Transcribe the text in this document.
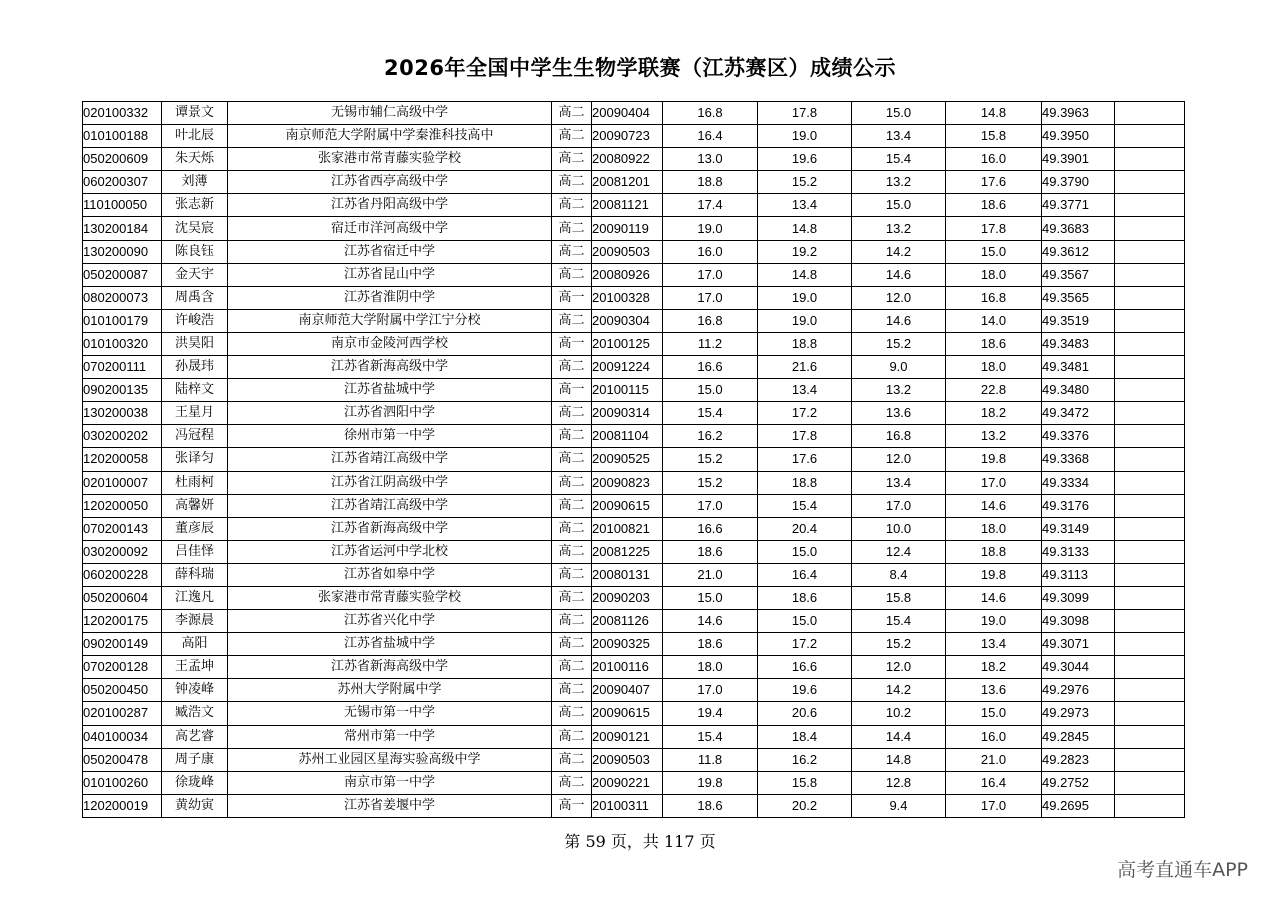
2026年全国中学生生物学联赛（江苏赛区）成绩公示
020100332	谭景文	无锡市辅仁高级中学	高二	20090404	16.8	17.8	15.0	14.8	49.3963	
010100188	叶北辰	南京师范大学附属中学秦淮科技高中	高二	20090723	16.4	19.0	13.4	15.8	49.3950	
050200609	朱天烁	张家港市常青藤实验学校	高二	20080922	13.0	19.6	15.4	16.0	49.3901	
060200307	刘薄	江苏省西亭高级中学	高二	20081201	18.8	15.2	13.2	17.6	49.3790	
110100050	张志新	江苏省丹阳高级中学	高二	20081121	17.4	13.4	15.0	18.6	49.3771	
130200184	沈吴宸	宿迁市洋河高级中学	高二	20090119	19.0	14.8	13.2	17.8	49.3683	
130200090	陈良钰	江苏省宿迁中学	高二	20090503	16.0	19.2	14.2	15.0	49.3612	
050200087	金天宇	江苏省昆山中学	高二	20080926	17.0	14.8	14.6	18.0	49.3567	
080200073	周禹含	江苏省淮阴中学	高一	20100328	17.0	19.0	12.0	16.8	49.3565	
010100179	许峻浩	南京师范大学附属中学江宁分校	高二	20090304	16.8	19.0	14.6	14.0	49.3519	
010100320	洪昊阳	南京市金陵河西学校	高一	20100125	11.2	18.8	15.2	18.6	49.3483	
070200111	孙晟玮	江苏省新海高级中学	高二	20091224	16.6	21.6	9.0	18.0	49.3481	
090200135	陆梓文	江苏省盐城中学	高一	20100115	15.0	13.4	13.2	22.8	49.3480	
130200038	王星月	江苏省泗阳中学	高二	20090314	15.4	17.2	13.6	18.2	49.3472	
030200202	冯冠程	徐州市第一中学	高二	20081104	16.2	17.8	16.8	13.2	49.3376	
120200058	张译匀	江苏省靖江高级中学	高二	20090525	15.2	17.6	12.0	19.8	49.3368	
020100007	杜雨柯	江苏省江阴高级中学	高二	20090823	15.2	18.8	13.4	17.0	49.3334	
120200050	高馨妍	江苏省靖江高级中学	高二	20090615	17.0	15.4	17.0	14.6	49.3176	
070200143	董彦辰	江苏省新海高级中学	高二	20100821	16.6	20.4	10.0	18.0	49.3149	
030200092	吕佳怿	江苏省运河中学北校	高二	20081225	18.6	15.0	12.4	18.8	49.3133	
060200228	薛科瑞	江苏省如皋中学	高二	20080131	21.0	16.4	8.4	19.8	49.3113	
050200604	江逸凡	张家港市常青藤实验学校	高二	20090203	15.0	18.6	15.8	14.6	49.3099	
120200175	李源晨	江苏省兴化中学	高二	20081126	14.6	15.0	15.4	19.0	49.3098	
090200149	高阳	江苏省盐城中学	高二	20090325	18.6	17.2	15.2	13.4	49.3071	
070200128	王孟坤	江苏省新海高级中学	高二	20100116	18.0	16.6	12.0	18.2	49.3044	
050200450	钟凌峰	苏州大学附属中学	高二	20090407	17.0	19.6	14.2	13.6	49.2976	
020100287	臧浩文	无锡市第一中学	高二	20090615	19.4	20.6	10.2	15.0	49.2973	
040100034	高艺睿	常州市第一中学	高二	20090121	15.4	18.4	14.4	16.0	49.2845	
050200478	周子康	苏州工业园区星海实验高级中学	高二	20090503	11.8	16.2	14.8	21.0	49.2823	
010100260	徐珑峰	南京市第一中学	高二	20090221	19.8	15.8	12.8	16.4	49.2752	
120200019	黄幼寅	江苏省姜堰中学	高一	20100311	18.6	20.2	9.4	17.0	49.2695	
第 59 页，共 117 页
高考直通车APP
